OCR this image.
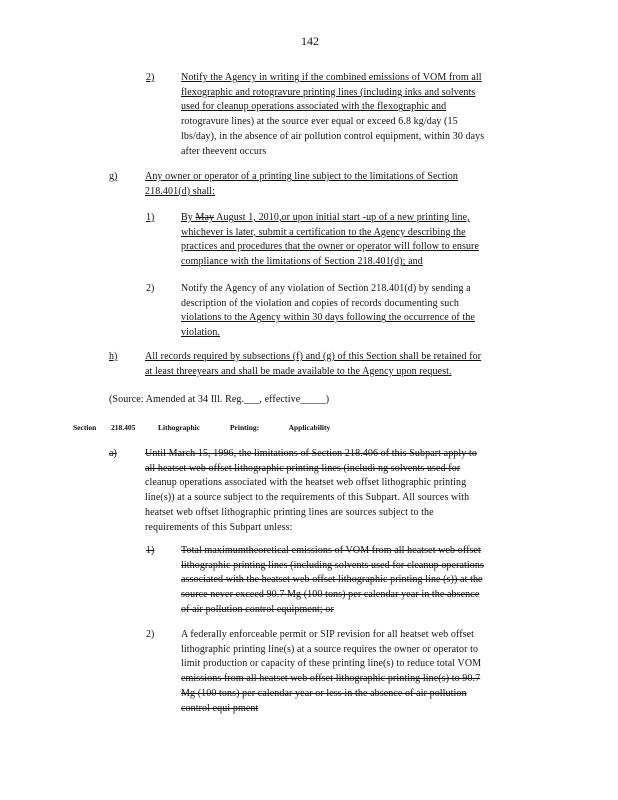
142
2)	Notify the Agency in writing if the combined emissions of VOM from all
flexographic and rotogravure printing lines (including inks and solvents
used for cleanup operations associated with the flexographic and
rotogravure lines) at the source ever equal or exceed 6.8 kg/day (15
lbs/day), in the absence of air pollution control equipment, within 30 days
after theevent occurs
g)	Any owner or operator of a printing line subject to the limitations of Section
218.401(d) shall:
1)	By May August 1, 2010,or upon initial start -up of a new printing line,
whichever is later, submit a certification to the Agency describing the
practices and procedures that the owner or operator will follow to ensure
compliance with the limitations of Section 218.401(d); and
2)	Notify the Agency of any violation of Section 218.401(d) by sending a
description of the violation and copies of records documenting such
violations to the Agency within 30 days following the occurrence of the
violation.
h)	All records required by subsections (f) and (g) of this Section shall be retained for
at least threeyears and shall be made available to the Agency upon request.
(Source: Amended at 34 Ill. Reg.___, effective_____)
Section 218.405	Lithographic Printing: Applicability
a)	Until March 15, 1996, the limitations of Section 218.406 of this Subpart apply to
all heatset web offset lithographic printing lines (includi ng solvents used for
cleanup operations associated with the heatset web offset lithographic printing
line(s)) at a source subject to the requirements of this Subpart. All sources with
heatset web offset lithographic printing lines are sources subject to the
requirements of this Subpart unless:
1)	Total maximumtheoretical emissions of VOM from all heatset web offset
lithographic printing lines (including solvents used for cleanup operations
associated with the heatset web offset lithographic printing line (s)) at the
source never exceed 90.7 Mg (100 tons) per calendar year in the absence
of air pollution control equipment; or
2)	A federally enforceable permit or SIP revision for all heatset web offset
lithographic printing line(s) at a source requires the owner or operator to
limit production or capacity of these printing line(s) to reduce total VOM
emissions from all heatset web offset lithographic printing line(s) to 90.7
Mg (100 tons) per calendar year or less in the absence of air pollution
control equi pment
